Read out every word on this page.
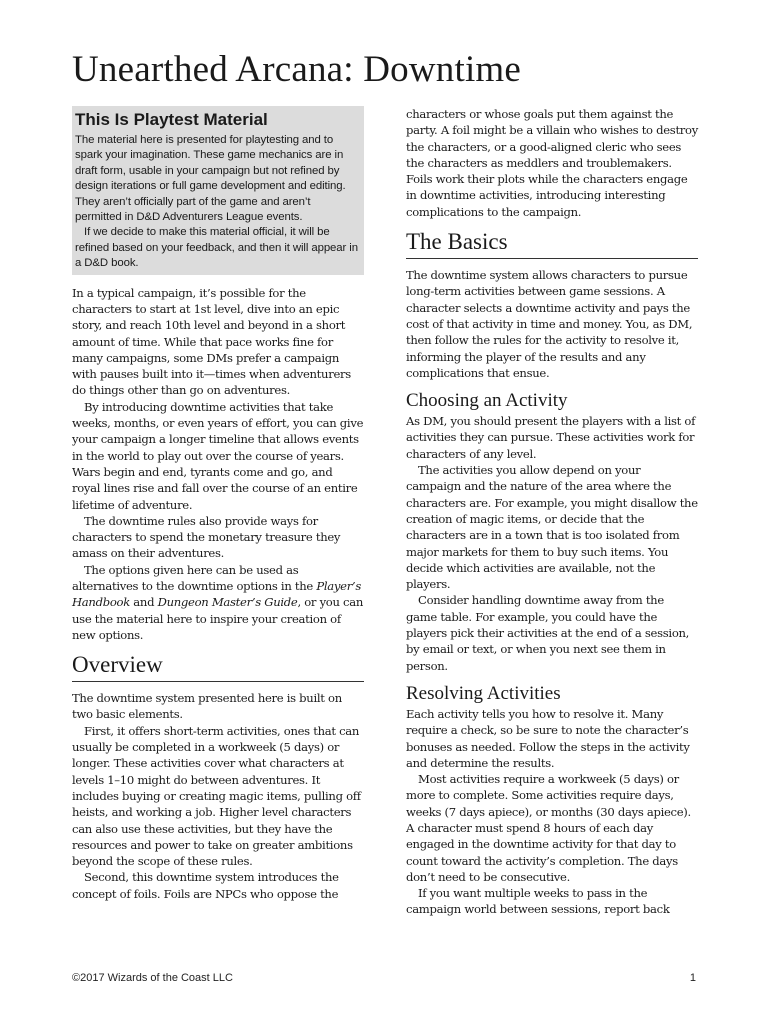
Unearthed Arcana: Downtime
This Is Playtest Material

The material here is presented for playtesting and to spark your imagination. These game mechanics are in draft form, usable in your campaign but not refined by design iterations or full game development and editing. They aren’t officially part of the game and aren’t permitted in D&D Adventurers League events.

If we decide to make this material official, it will be refined based on your feedback, and then it will appear in a D&D book.

In a typical campaign, it’s possible for the characters to start at 1st level, dive into an epic story, and reach 10th level and beyond in a short amount of time. While that pace works fine for many campaigns, some DMs prefer a campaign with pauses built into it—times when adventurers do things other than go on adventures.

By introducing downtime activities that take weeks, months, or even years of effort, you can give your campaign a longer timeline that allows events in the world to play out over the course of years. Wars begin and end, tyrants come and go, and royal lines rise and fall over the course of an entire lifetime of adventure.

The downtime rules also provide ways for characters to spend the monetary treasure they amass on their adventures.

The options given here can be used as alternatives to the downtime options in the Player’s Handbook and Dungeon Master’s Guide, or you can use the material here to inspire your creation of new options.

Overview

The downtime system presented here is built on two basic elements.

First, it offers short-term activities, ones that can usually be completed in a workweek (5 days) or longer. These activities cover what characters at levels 1–10 might do between adventures. It includes buying or creating magic items, pulling off heists, and working a job. Higher level characters can also use these activities, but they have the resources and power to take on greater ambitions beyond the scope of these rules.

Second, this downtime system introduces the concept of foils. Foils are NPCs who oppose the

characters or whose goals put them against the party. A foil might be a villain who wishes to destroy the characters, or a good-aligned cleric who sees the characters as meddlers and troublemakers. Foils work their plots while the characters engage in downtime activities, introducing interesting complications to the campaign.

The Basics

The downtime system allows characters to pursue long-term activities between game sessions. A character selects a downtime activity and pays the cost of that activity in time and money. You, as DM, then follow the rules for the activity to resolve it, informing the player of the results and any complications that ensue.

Choosing an Activity

As DM, you should present the players with a list of activities they can pursue. These activities work for characters of any level.

The activities you allow depend on your campaign and the nature of the area where the characters are. For example, you might disallow the creation of magic items, or decide that the characters are in a town that is too isolated from major markets for them to buy such items. You decide which activities are available, not the players.

Consider handling downtime away from the game table. For example, you could have the players pick their activities at the end of a session, by email or text, or when you next see them in person.

Resolving Activities

Each activity tells you how to resolve it. Many require a check, so be sure to note the character’s bonuses as needed. Follow the steps in the activity and determine the results.

Most activities require a workweek (5 days) or more to complete. Some activities require days, weeks (7 days apiece), or months (30 days apiece). A character must spend 8 hours of each day engaged in the downtime activity for that day to count toward the activity’s completion. The days don’t need to be consecutive.

If you want multiple weeks to pass in the campaign world between sessions, report back

©2017 Wizards of the Coast LLC	1
